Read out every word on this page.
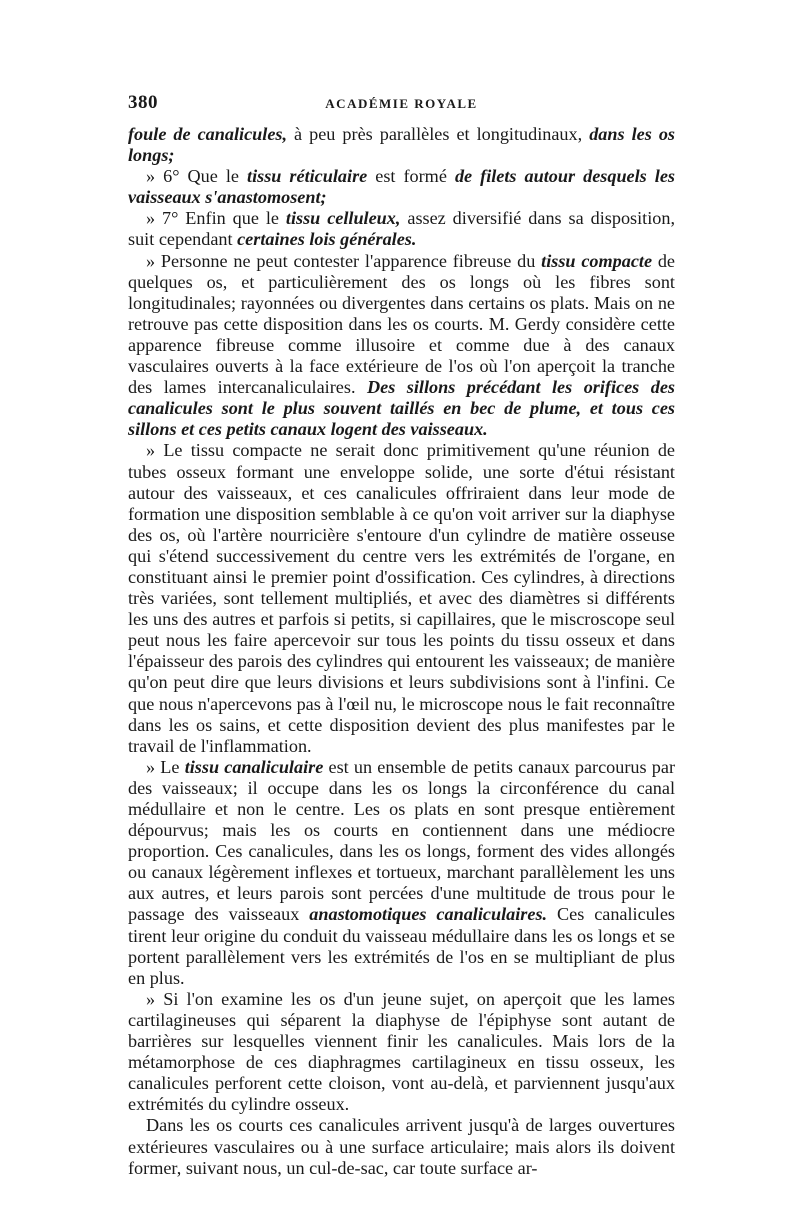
380	ACADÉMIE ROYALE

foule de canalicules, à peu près parallèles et longitudinaux, dans les os longs;

» 6° Que le tissu réticulaire est formé de filets autour desquels les vaisseaux s'anastomosent;

» 7° Enfin que le tissu celluleux, assez diversifié dans sa disposition, suit cependant certaines lois générales.

» Personne ne peut contester l'apparence fibreuse du tissu compacte de quelques os, et particulièrement des os longs où les fibres sont longitudinales; rayonnées ou divergentes dans certains os plats. Mais on ne retrouve pas cette disposition dans les os courts. M. Gerdy considère cette apparence fibreuse comme illusoire et comme due à des canaux vasculaires ouverts à la face extérieure de l'os où l'on aperçoit la tranche des lames intercanaliculaires. Des sillons précédant les orifices des canalicules sont le plus souvent taillés en bec de plume, et tous ces sillons et ces petits canaux logent des vaisseaux.

» Le tissu compacte ne serait donc primitivement qu'une réunion de tubes osseux formant une enveloppe solide, une sorte d'étui résistant autour des vaisseaux, et ces canalicules offriraient dans leur mode de formation une disposition semblable à ce qu'on voit arriver sur la diaphyse des os, où l'artère nourricière s'entoure d'un cylindre de matière osseuse qui s'étend successivement du centre vers les extrémités de l'organe, en constituant ainsi le premier point d'ossification. Ces cylindres, à directions très variées, sont tellement multipliés, et avec des diamètres si différents les uns des autres et parfois si petits, si capillaires, que le miscroscope seul peut nous les faire apercevoir sur tous les points du tissu osseux et dans l'épaisseur des parois des cylindres qui entourent les vaisseaux; de manière qu'on peut dire que leurs divisions et leurs subdivisions sont à l'infini. Ce que nous n'apercevons pas à l'œil nu, le microscope nous le fait reconnaître dans les os sains, et cette disposition devient des plus manifestes par le travail de l'inflammation.

» Le tissu canaliculaire est un ensemble de petits canaux parcourus par des vaisseaux; il occupe dans les os longs la circonférence du canal médullaire et non le centre. Les os plats en sont presque entièrement dépourvus; mais les os courts en contiennent dans une médiocre proportion. Ces canalicules, dans les os longs, forment des vides allongés ou canaux légèrement inflexes et tortueux, marchant parallèlement les uns aux autres, et leurs parois sont percées d'une multitude de trous pour le passage des vaisseaux anastomotiques canaliculaires. Ces canalicules tirent leur origine du conduit du vaisseau médullaire dans les os longs et se portent parallèlement vers les extrémités de l'os en se multipliant de plus en plus.

» Si l'on examine les os d'un jeune sujet, on aperçoit que les lames cartilagineuses qui séparent la diaphyse de l'épiphyse sont autant de barrières sur lesquelles viennent finir les canalicules. Mais lors de la métamorphose de ces diaphragmes cartilagineux en tissu osseux, les canalicules perforent cette cloison, vont au-delà, et parviennent jusqu'aux extrémités du cylindre osseux.

Dans les os courts ces canalicules arrivent jusqu'à de larges ouvertures extérieures vasculaires ou à une surface articulaire; mais alors ils doivent former, suivant nous, un cul-de-sac, car toute surface ar-
